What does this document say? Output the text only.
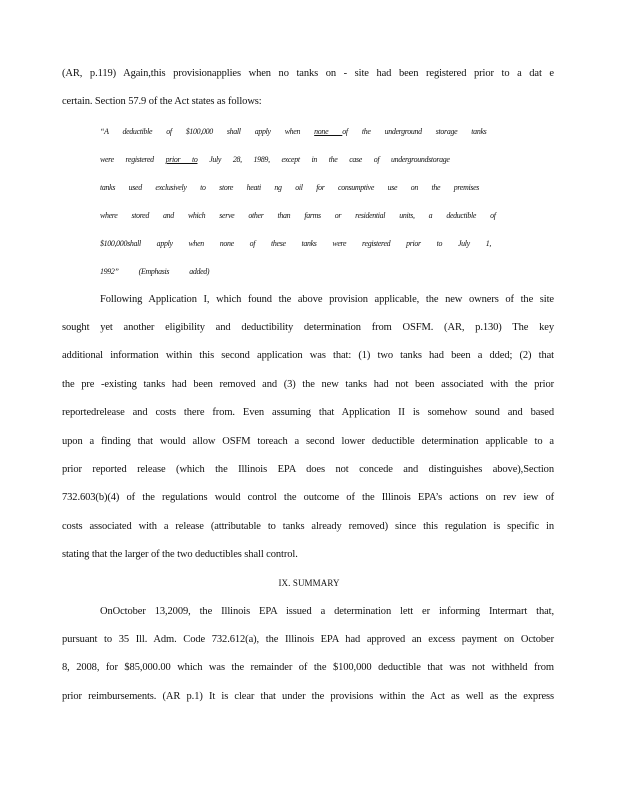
(AR, p.119) Again,this provisionapplies when no tanks on - site had been registered prior to a dat e
certain. Section 57.9 of the Act states as follows:
“A deductible of $100,000 shall apply when none of the underground storage tanks
were registered prior to July 28, 1989, except in the case of undergroundstorage
tanks used exclusively to store heati ng oil for consumptive use on the premises
where stored and which serve other than farms or residential units, a deductible of
$100,000shall apply when none of these tanks were registered prior to July 1,
1992” (Emphasis added)
Following Application I, which found the above provision applicable, the new owners of the site
sought yet another eligibility and deductibility determination from OSFM. (AR, p.130) The key
additional information within this second application was that: (1) two tanks had been a dded; (2) that
the pre -existing tanks had been removed and (3) the new tanks had not been associated with the prior
reportedrelease and costs there from. Even assuming that Application II is somehow sound and based
upon a finding that would allow OSFM toreach a second lower deductible determination applicable to a
prior reported release (which the Illinois EPA does not concede and distinguishes above),Section
732.603(b)(4) of the regulations would control the outcome of the Illinois EPA’s actions on rev iew of
costs associated with a release (attributable to tanks already removed) since this regulation is specific in
stating that the larger of the two deductibles shall control.
IX. SUMMARY
OnOctober 13,2009, the Illinois EPA issued a determination lett er informing Intermart that,
pursuant to 35 Ill. Adm. Code 732.612(a), the Illinois EPA had approved an excess payment on October
8, 2008, for $85,000.00 which was the remainder of the $100,000 deductible that was not withheld from
prior reimbursements. (AR p.1) It is clear that under the provisions within the Act as well as the express
